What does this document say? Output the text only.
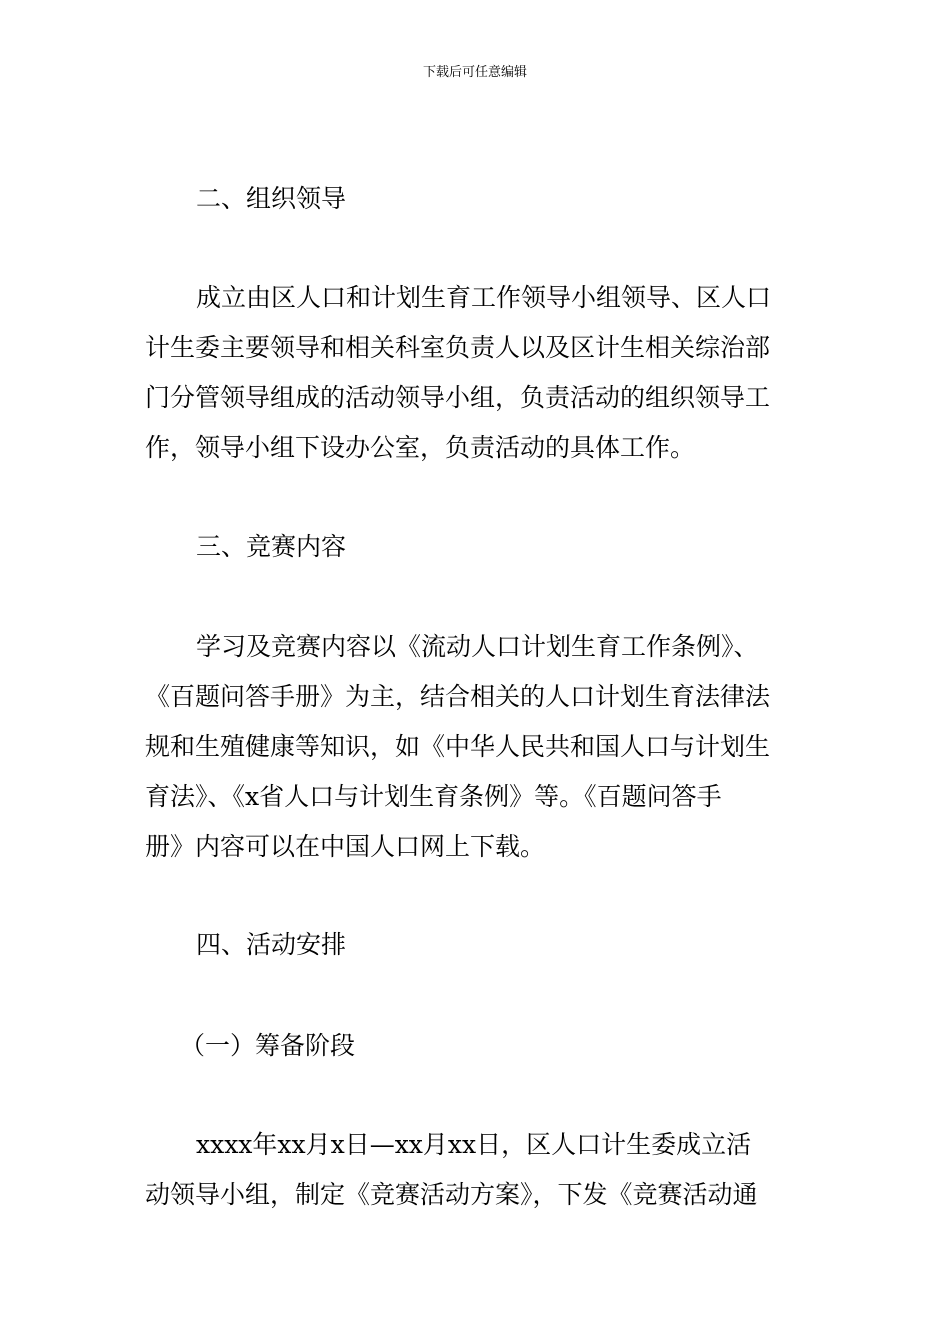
下载后可任意编辑
二、组织领导
成立由区人口和计划生育工作领导小组领导、区人口
计生委主要领导和相关科室负责人以及区计生相关综治部
门分管领导组成的活动领导小组，负责活动的组织领导工
作，领导小组下设办公室，负责活动的具体工作。
三、竞赛内容
学习及竞赛内容以《流动人口计划生育工作条例》、
《百题问答手册》为主，结合相关的人口计划生育法律法
规和生殖健康等知识，如《中华人民共和国人口与计划生
育法》、《x省人口与计划生育条例》等。《百题问答手
册》内容可以在中国人口网上下载。
四、活动安排
（一）筹备阶段
xxxx年xx月x日—xx月xx日，区人口计生委成立活
动领导小组，制定《竞赛活动方案》，下发《竞赛活动通
